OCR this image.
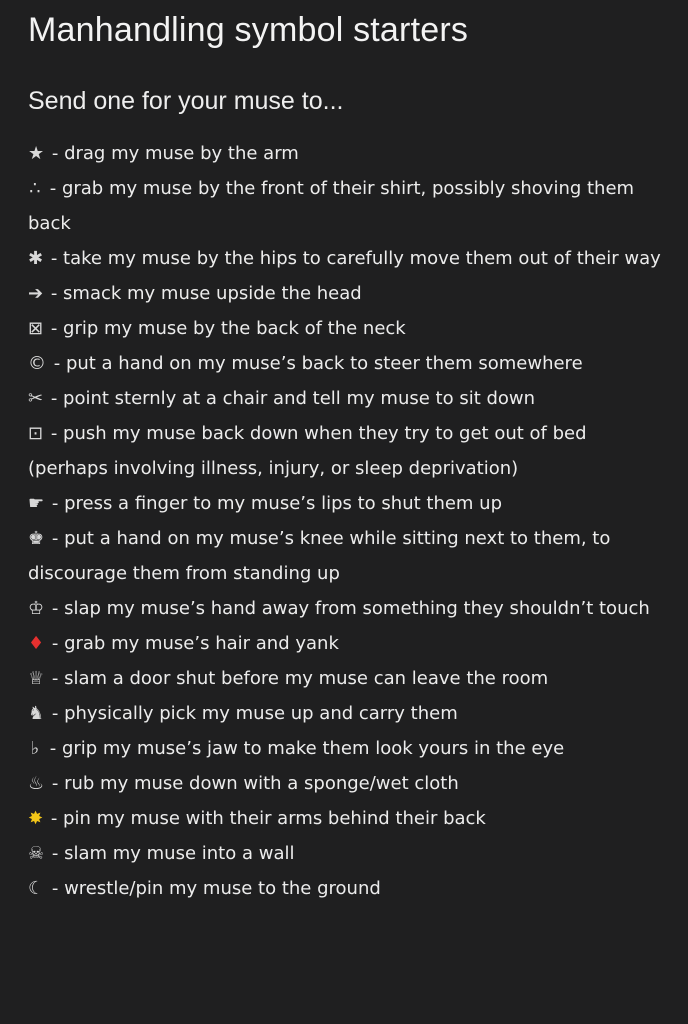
Manhandling symbol starters
Send one for your muse to...
★ - drag my muse by the arm
∴ - grab my muse by the front of their shirt, possibly shoving them back
✱ - take my muse by the hips to carefully move them out of their way
➔ - smack my muse upside the head
⊠ - grip my muse by the back of the neck
© - put a hand on my muse’s back to steer them somewhere
✂ - point sternly at a chair and tell my muse to sit down
⊡ - push my muse back down when they try to get out of bed (perhaps involving illness, injury, or sleep deprivation)
☛ - press a finger to my muse’s lips to shut them up
♚ - put a hand on my muse’s knee while sitting next to them, to discourage them from standing up
♔ - slap my muse’s hand away from something they shouldn’t touch
♦ - grab my muse’s hair and yank
♕ - slam a door shut before my muse can leave the room
♞ - physically pick my muse up and carry them
♭ - grip my muse’s jaw to make them look yours in the eye
♨ - rub my muse down with a sponge/wet cloth
✸ - pin my muse with their arms behind their back
☠ - slam my muse into a wall
☾ - wrestle/pin my muse to the ground
